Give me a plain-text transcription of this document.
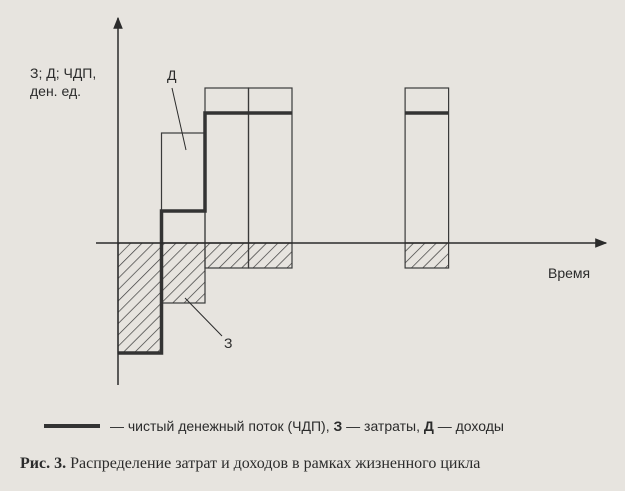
З; Д; ЧДП,
ден. ед.
Время
Д
З
— чистый денежный поток (ЧДП), З — затраты, Д — доходы
Рис. 3. Распределение затрат и доходов в рамках жизненного цикла
